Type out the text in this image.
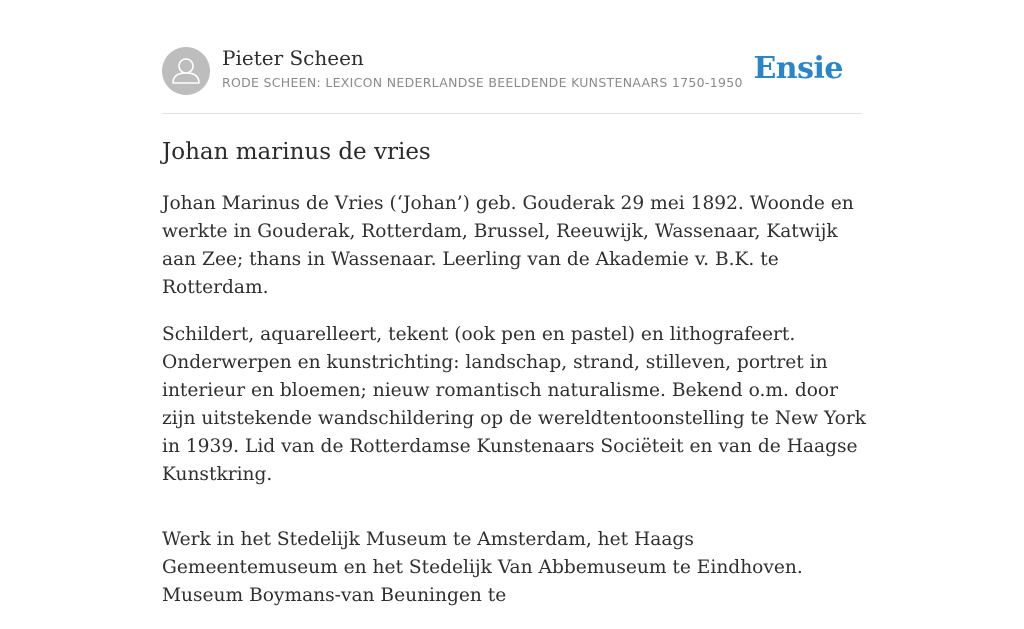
Pieter Scheen
RODE SCHEEN: LEXICON NEDERLANDSE BEELDENDE KUNSTENAARS 1750-1950 Ensie
Johan marinus de vries

Johan Marinus de Vries (‘Johan’) geb. Gouderak 29 mei 1892. Woonde en werkte in Gouderak, Rotterdam, Brussel, Reeuwijk, Wassenaar, Katwijk aan Zee; thans in Wassenaar. Leerling van de Akademie v. B.K. te Rotterdam.

Schildert, aquarelleert, tekent (ook pen en pastel) en lithografeert. Onderwerpen en kunstrichting: landschap, strand, stilleven, portret in interieur en bloemen; nieuw romantisch naturalisme. Bekend o.m. door zijn uitstekende wandschildering op de wereldtentoonstelling te New York in 1939. Lid van de Rotterdamse Kunstenaars Sociëteit en van de Haagse Kunstkring.

Werk in het Stedelijk Museum te Amsterdam, het Haags Gemeentemuseum en het Stedelijk Van Abbemuseum te Eindhoven. Museum Boymans-van Beuningen te
